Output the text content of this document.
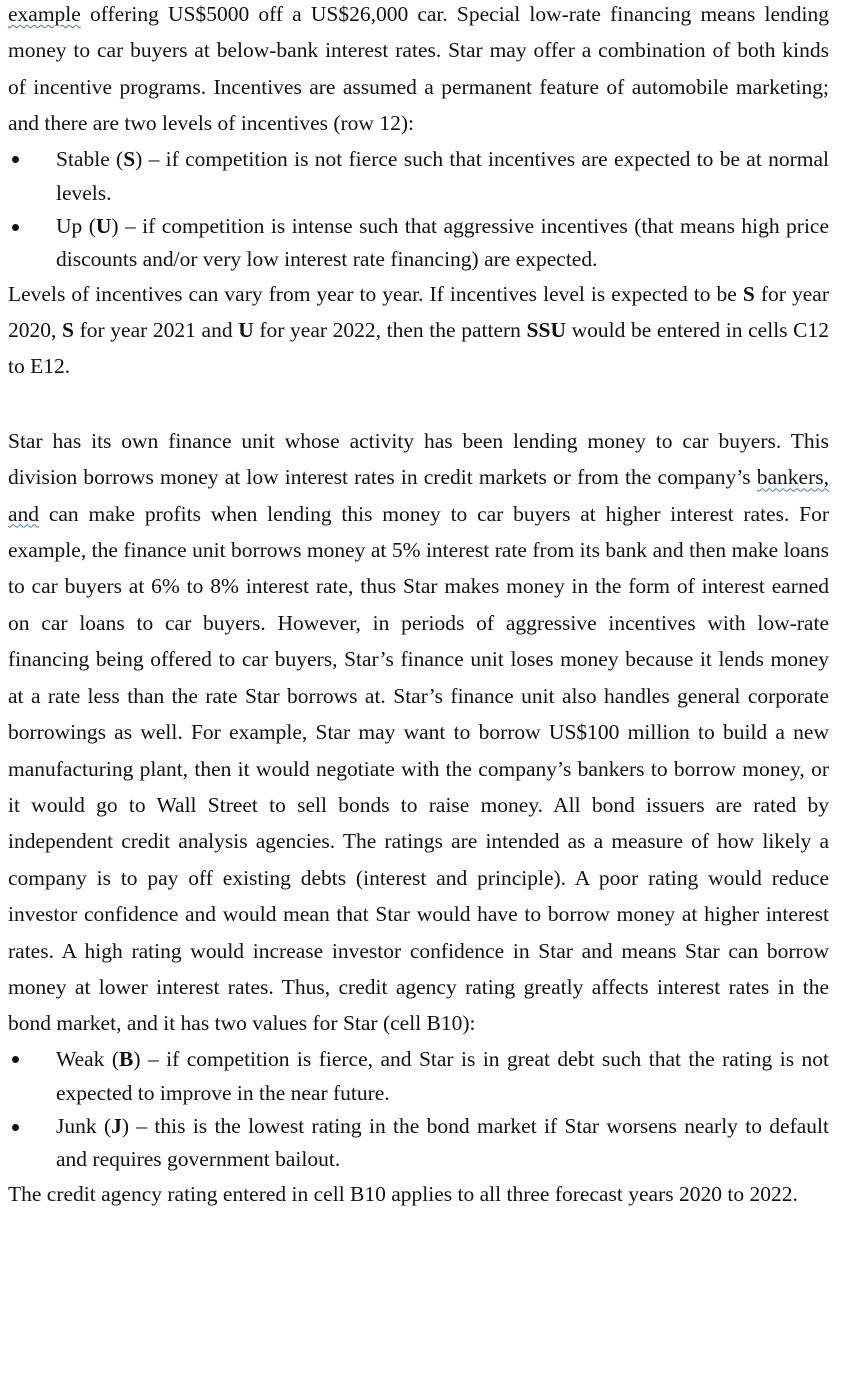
example offering US$5000 off a US$26,000 car. Special low-rate financing means lending money to car buyers at below-bank interest rates. Star may offer a combination of both kinds of incentive programs. Incentives are assumed a permanent feature of automobile marketing; and there are two levels of incentives (row 12):

Stable (S) – if competition is not fierce such that incentives are expected to be at normal levels.
Up (U) – if competition is intense such that aggressive incentives (that means high price discounts and/or very low interest rate financing) are expected.

Levels of incentives can vary from year to year. If incentives level is expected to be S for year 2020, S for year 2021 and U for year 2022, then the pattern SSU would be entered in cells C12 to E12.

Star has its own finance unit whose activity has been lending money to car buyers. This division borrows money at low interest rates in credit markets or from the company’s bankers, and can make profits when lending this money to car buyers at higher interest rates. For example, the finance unit borrows money at 5% interest rate from its bank and then make loans to car buyers at 6% to 8% interest rate, thus Star makes money in the form of interest earned on car loans to car buyers. However, in periods of aggressive incentives with low-rate financing being offered to car buyers, Star’s finance unit loses money because it lends money at a rate less than the rate Star borrows at. Star’s finance unit also handles general corporate borrowings as well. For example, Star may want to borrow US$100 million to build a new manufacturing plant, then it would negotiate with the company’s bankers to borrow money, or it would go to Wall Street to sell bonds to raise money. All bond issuers are rated by independent credit analysis agencies. The ratings are intended as a measure of how likely a company is to pay off existing debts (interest and principle). A poor rating would reduce investor confidence and would mean that Star would have to borrow money at higher interest rates. A high rating would increase investor confidence in Star and means Star can borrow money at lower interest rates. Thus, credit agency rating greatly affects interest rates in the bond market, and it has two values for Star (cell B10):

Weak (B) – if competition is fierce, and Star is in great debt such that the rating is not expected to improve in the near future.
Junk (J) – this is the lowest rating in the bond market if Star worsens nearly to default and requires government bailout.

The credit agency rating entered in cell B10 applies to all three forecast years 2020 to 2022.
